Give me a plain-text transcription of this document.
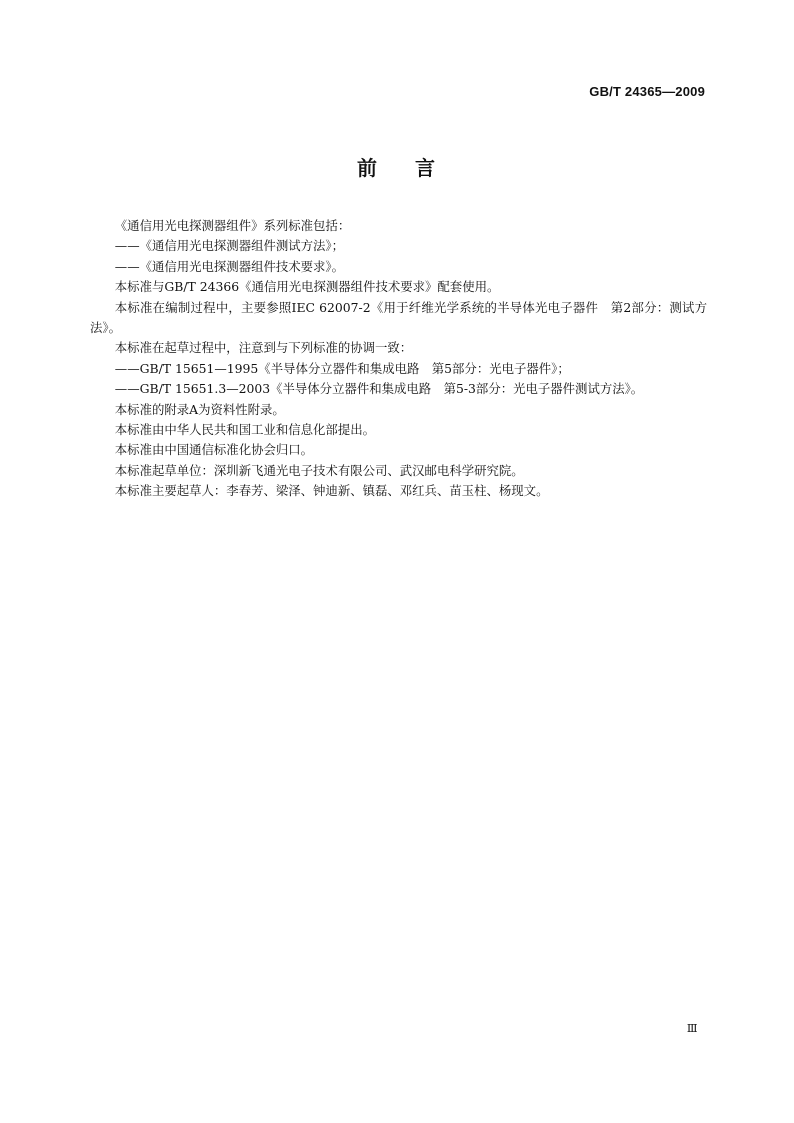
GB/T 24365—2009
前 言

《通信用光电探测器组件》系列标准包括：

——《通信用光电探测器组件测试方法》；

——《通信用光电探测器组件技术要求》。

本标准与GB/T 24366《通信用光电探测器组件技术要求》配套使用。

本标准在编制过程中，主要参照IEC 62007-2《用于纤维光学系统的半导体光电子器件　第2部分：测试方法》。

本标准在起草过程中，注意到与下列标准的协调一致：

——GB/T 15651—1995《半导体分立器件和集成电路　第5部分：光电子器件》；

——GB/T 15651.3—2003《半导体分立器件和集成电路　第5-3部分：光电子器件测试方法》。

本标准的附录A为资料性附录。

本标准由中华人民共和国工业和信息化部提出。

本标准由中国通信标准化协会归口。

本标准起草单位：深圳新飞通光电子技术有限公司、武汉邮电科学研究院。

本标准主要起草人：李春芳、梁泽、钟迪新、镇磊、邓红兵、苗玉柱、杨现文。

Ⅲ
